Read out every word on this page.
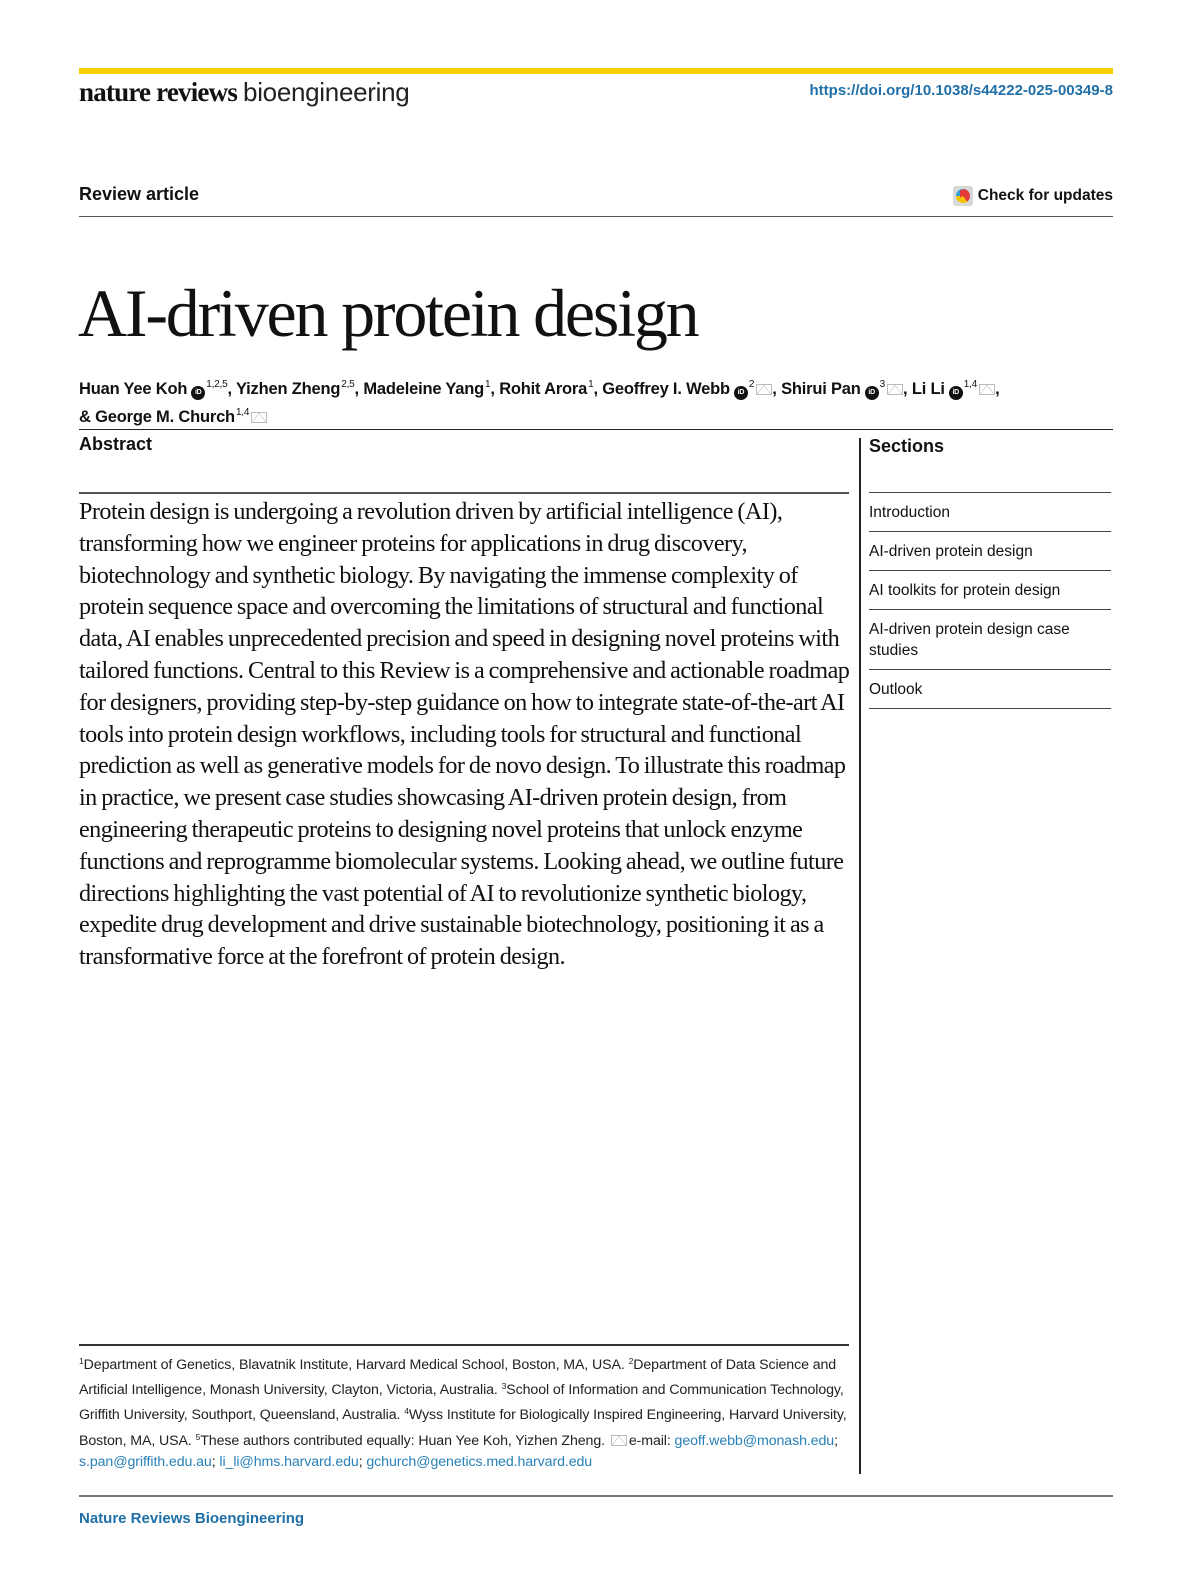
nature reviews bioengineering	https://doi.org/10.1038/s44222-025-00349-8
Review article	Check for updates
AI-driven protein design
Huan Yee Koh iD$^{1,2,5}$, Yizhen Zheng$^{2,5}$, Madeleine Yang$^1$, Rohit Arora$^1$, Geoffrey I. Webb $iD^2$ , Shirui Pan $iD^3$ , Li Li iD$^{1,4}$ ,
& George M. Church$^{1,4}$
Abstract
Protein design is undergoing a revolution driven by artificial intelligence (AI), transforming how we engineer proteins for applications in drug discovery, biotechnology and synthetic biology. By navigating the immense complexity of protein sequence space and overcoming the limitations of structural and functional data, AI enables unprecedented precision and speed in designing novel proteins with tailored functions. Central to this Review is a comprehensive and actionable roadmap for designers, providing step-by-step guidance on how to integrate state-of-the-art AI tools into protein design workflows, including tools for structural and functional prediction as well as generative models for de novo design. To illustrate this roadmap in practice, we present case studies showcasing AI-driven protein design, from engineering therapeutic proteins to designing novel proteins that unlock enzyme functions and reprogramme biomolecular systems. Looking ahead, we outline future directions highlighting the vast potential of AI to revolutionize synthetic biology, expedite drug development and drive sustainable biotechnology, positioning it as a transformative force at the forefront of protein design.
Sections
Introduction
AI-driven protein design
AI toolkits for protein design
AI-driven protein design case studies
Outlook
$^1$Department of Genetics, Blavatnik Institute, Harvard Medical School, Boston, MA, USA. $^2$Department of Data Science and Artificial Intelligence, Monash University, Clayton, Victoria, Australia. $^3$School of Information and Communication Technology, Griffith University, Southport, Queensland, Australia. $^4$Wyss Institute for Biologically Inspired Engineering, Harvard University, Boston, MA, USA. $^5$These authors contributed equally: Huan Yee Koh, Yizhen Zheng. e-mail: geoff.webb@monash.edu; s.pan@griffith.edu.au; li_li@hms.harvard.edu; gchurch@genetics.med.harvard.edu
Nature Reviews Bioengineering
